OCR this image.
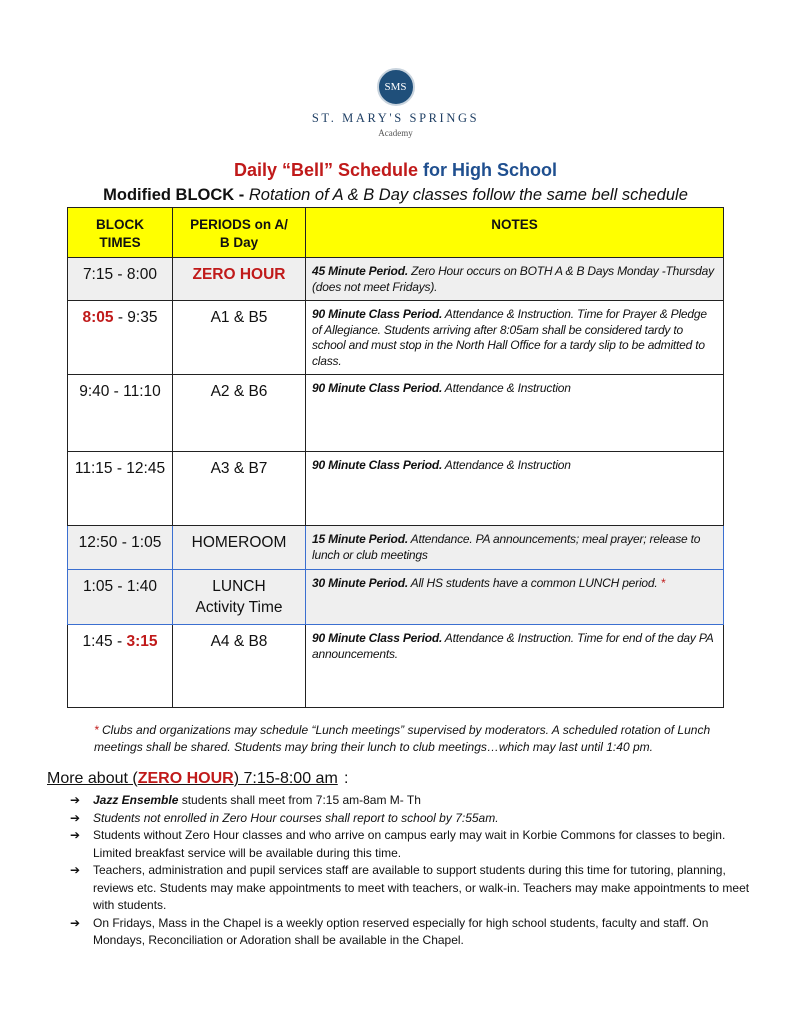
SMS
ST. MARY'S SPRINGS
Academy
Daily “Bell” Schedule for High School
Modified BLOCK - Rotation of A & B Day classes follow the same bell schedule
BLOCK TIMES	PERIODS on A/ B Day	NOTES
7:15 - 8:00	ZERO HOUR	45 Minute Period. Zero Hour occurs on BOTH A & B Days Monday -Thursday (does not meet Fridays).
8:05 - 9:35	A1 & B5	90 Minute Class Period. Attendance & Instruction. Time for Prayer & Pledge of Allegiance. Students arriving after 8:05am shall be considered tardy to school and must stop in the North Hall Office for a tardy slip to be admitted to class.
9:40 - 11:10	A2 & B6	90 Minute Class Period. Attendance & Instruction
11:15 - 12:45	A3 & B7	90 Minute Class Period. Attendance & Instruction
12:50 - 1:05	HOMEROOM	15 Minute Period. Attendance. PA announcements; meal prayer; release to lunch or club meetings
1:05 - 1:40	LUNCH Activity Time	30 Minute Period. All HS students have a common LUNCH period. *
1:45 - 3:15	A4 & B8	90 Minute Class Period. Attendance & Instruction. Time for end of the day PA announcements.
* Clubs and organizations may schedule “Lunch meetings” supervised by moderators. A scheduled rotation of Lunch meetings shall be shared. Students may bring their lunch to club meetings…which may last until 1:40 pm.
More about (ZERO HOUR) 7:15-8:00 am :
➔ Jazz Ensemble students shall meet from 7:15 am-8am M- Th
➔ Students not enrolled in Zero Hour courses shall report to school by 7:55am.
➔ Students without Zero Hour classes and who arrive on campus early may wait in Korbie Commons for classes to begin. Limited breakfast service will be available during this time.
➔ Teachers, administration and pupil services staff are available to support students during this time for tutoring, planning, reviews etc. Students may make appointments to meet with teachers, or walk-in. Teachers may make appointments to meet with students.
➔ On Fridays, Mass in the Chapel is a weekly option reserved especially for high school students, faculty and staff. On Mondays, Reconciliation or Adoration shall be available in the Chapel.
